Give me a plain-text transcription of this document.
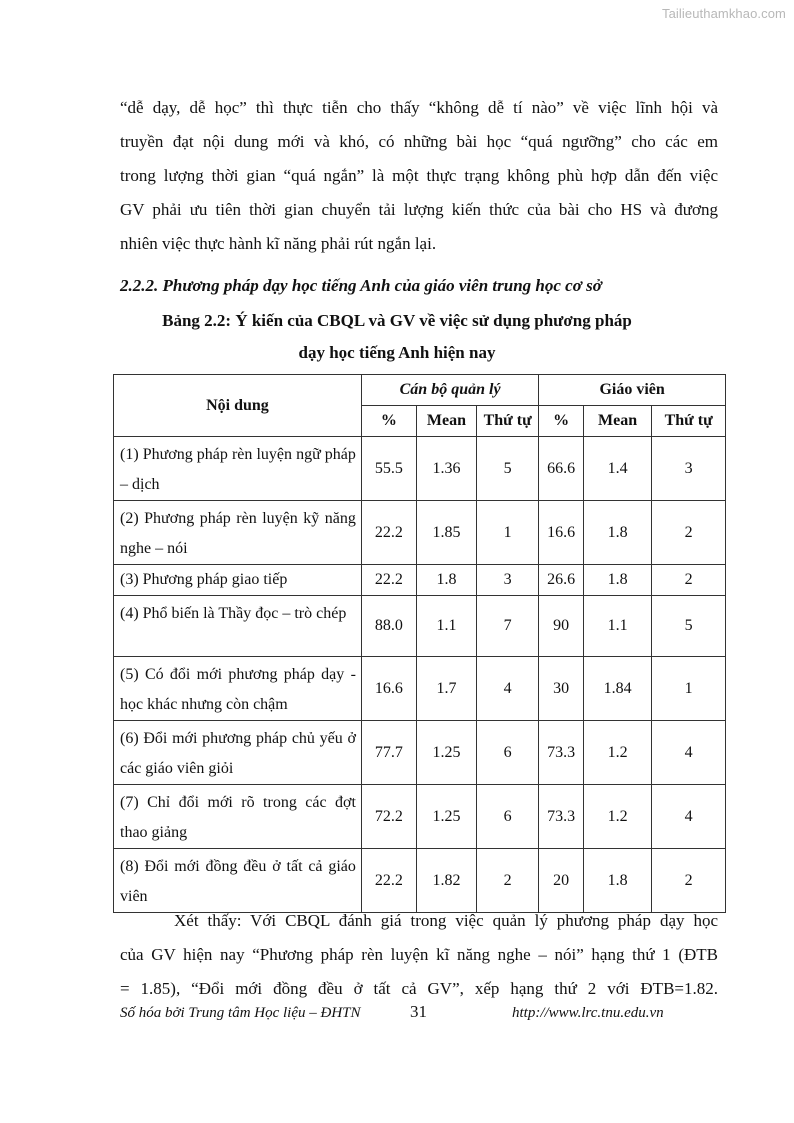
Tailieuthamkhao.com
“dễ dạy, dễ học” thì thực tiễn cho thấy “không dễ tí nào” về việc lĩnh hội và
truyền đạt nội dung mới và khó, có những bài học “quá ngưỡng” cho các em
trong lượng thời gian “quá ngắn” là một thực trạng không phù hợp dẫn đến việc
GV phải ưu tiên thời gian chuyển tải lượng kiến thức của bài cho HS và đương
nhiên việc thực hành kĩ năng phải rút ngắn lại.
2.2.2. Phương pháp dạy học tiếng Anh của giáo viên trung học cơ sở
Bảng 2.2: Ý kiến của CBQL và GV về việc sử dụng phương pháp
dạy học tiếng Anh hiện nay
Nội dung	Cán bộ quản lý			Giáo viên		
	%	Mean	Thứ tự	%	Mean	Thứ tự
(1) Phương pháp rèn luyện ngữ pháp – dịch	55.5	1.36	5	66.6	1.4	3
(2) Phương pháp rèn luyện kỹ năng nghe – nói	22.2	1.85	1	16.6	1.8	2
(3) Phương pháp giao tiếp	22.2	1.8	3	26.6	1.8	2
(4) Phổ biến là Thầy đọc – trò chép	88.0	1.1	7	90	1.1	5
(5) Có đổi mới phương pháp dạy - học khác nhưng còn chậm	16.6	1.7	4	30	1.84	1
(6) Đổi mới phương pháp chủ yếu ở các giáo viên giỏi	77.7	1.25	6	73.3	1.2	4
(7) Chỉ đổi mới rõ trong các đợt thao giảng	72.2	1.25	6	73.3	1.2	4
(8) Đổi mới đồng đều ở tất cả giáo viên	22.2	1.82	2	20	1.8	2
Xét thấy: Với CBQL đánh giá trong việc quản lý phương pháp dạy học
của GV hiện nay “Phương pháp rèn luyện kĩ năng nghe – nói” hạng thứ 1 (ĐTB
= 1.85), “Đổi mới đồng đều ở tất cả GV”, xếp hạng thứ 2 với ĐTB=1.82.
Số hóa bởi Trung tâm Học liệu – ĐHTN	31	http://www.lrc.tnu.edu.vn
